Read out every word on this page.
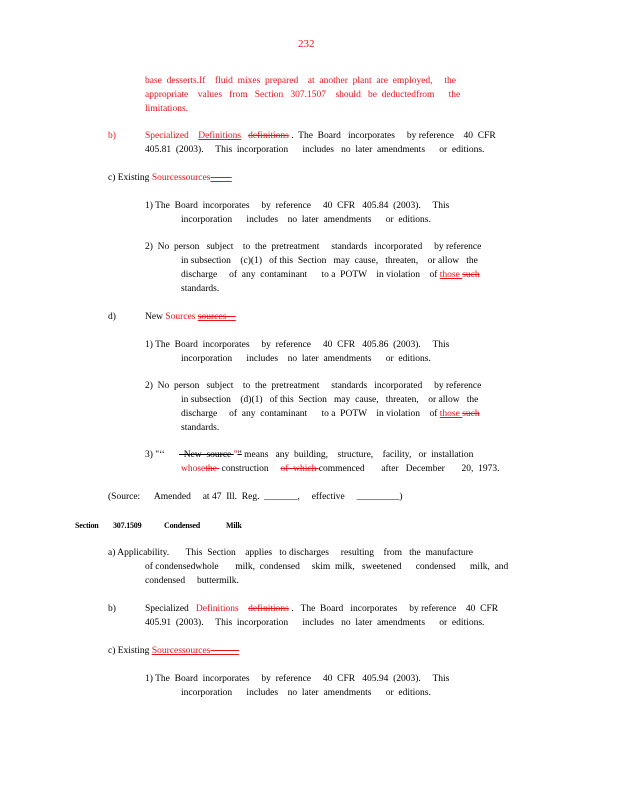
232
base  desserts.If    fluid  mixes  prepared    at  another  plant  are  employed,     the
appropriate    values   from   Section   307.1507    should   be  deductedfrom      the
limitations.
b)	Specialized Definitions definitions .  The  Board   incorporates     by reference    40  CFR
405.81  (2003).     This  incorporation      includes   no  later  amendments      or  editions.
c) Existing Sourcessources
1) The  Board  incorporates     by  reference     40  CFR   405.84  (2003).     This
incorporation      includes    no  later  amendments      or  editions.
2)  No  person   subject    to  the  pretreatment     standards   incorporated     by reference
in subsection    (c)(1)   of this  Section   may  cause,   threaten,    or allow   the
discharge     of  any  contaminant      to a  POTW    in violation    of those such
standards.
d)	New Sources sources
1) The  Board  incorporates     by  reference     40  CFR   405.86  (2003).     This
incorporation      includes    no  later  amendments      or  editions.
2)  No  person   subject    to  the  pretreatment     standards   incorporated     by reference
in subsection    (d)(1)   of this  Section   may  cause,   threaten,    or allow   the
discharge     of  any  contaminant      to a  POTW    in violation    of those such
standards.
3) "‘‘      –New  source "” means   any  building,    structure,    facility,   or  installation
whosethe  construction     of  which commenced       after   December       20,  1973.
(Source:      Amended     at 47  Ill.  Reg.  _______,     effective     _________)
Section 307.1509	Condensed	Milk
a) Applicability.       This  Section    applies   to discharges     resulting    from   the  manufacture
of condensedwhole       milk,  condensed     skim  milk,   sweetened      condensed      milk,  and
condensed     buttermilk.
b)	Specialized   Definitions definitions .   The  Board   incorporates     by reference    40  CFR
405.91  (2003).     This  incorporation      includes   no  later  amendments      or  editions.
c) Existing Sourcessources
1) The  Board  incorporates     by  reference     40  CFR   405.94  (2003).     This
incorporation      includes    no  later  amendments      or  editions.
